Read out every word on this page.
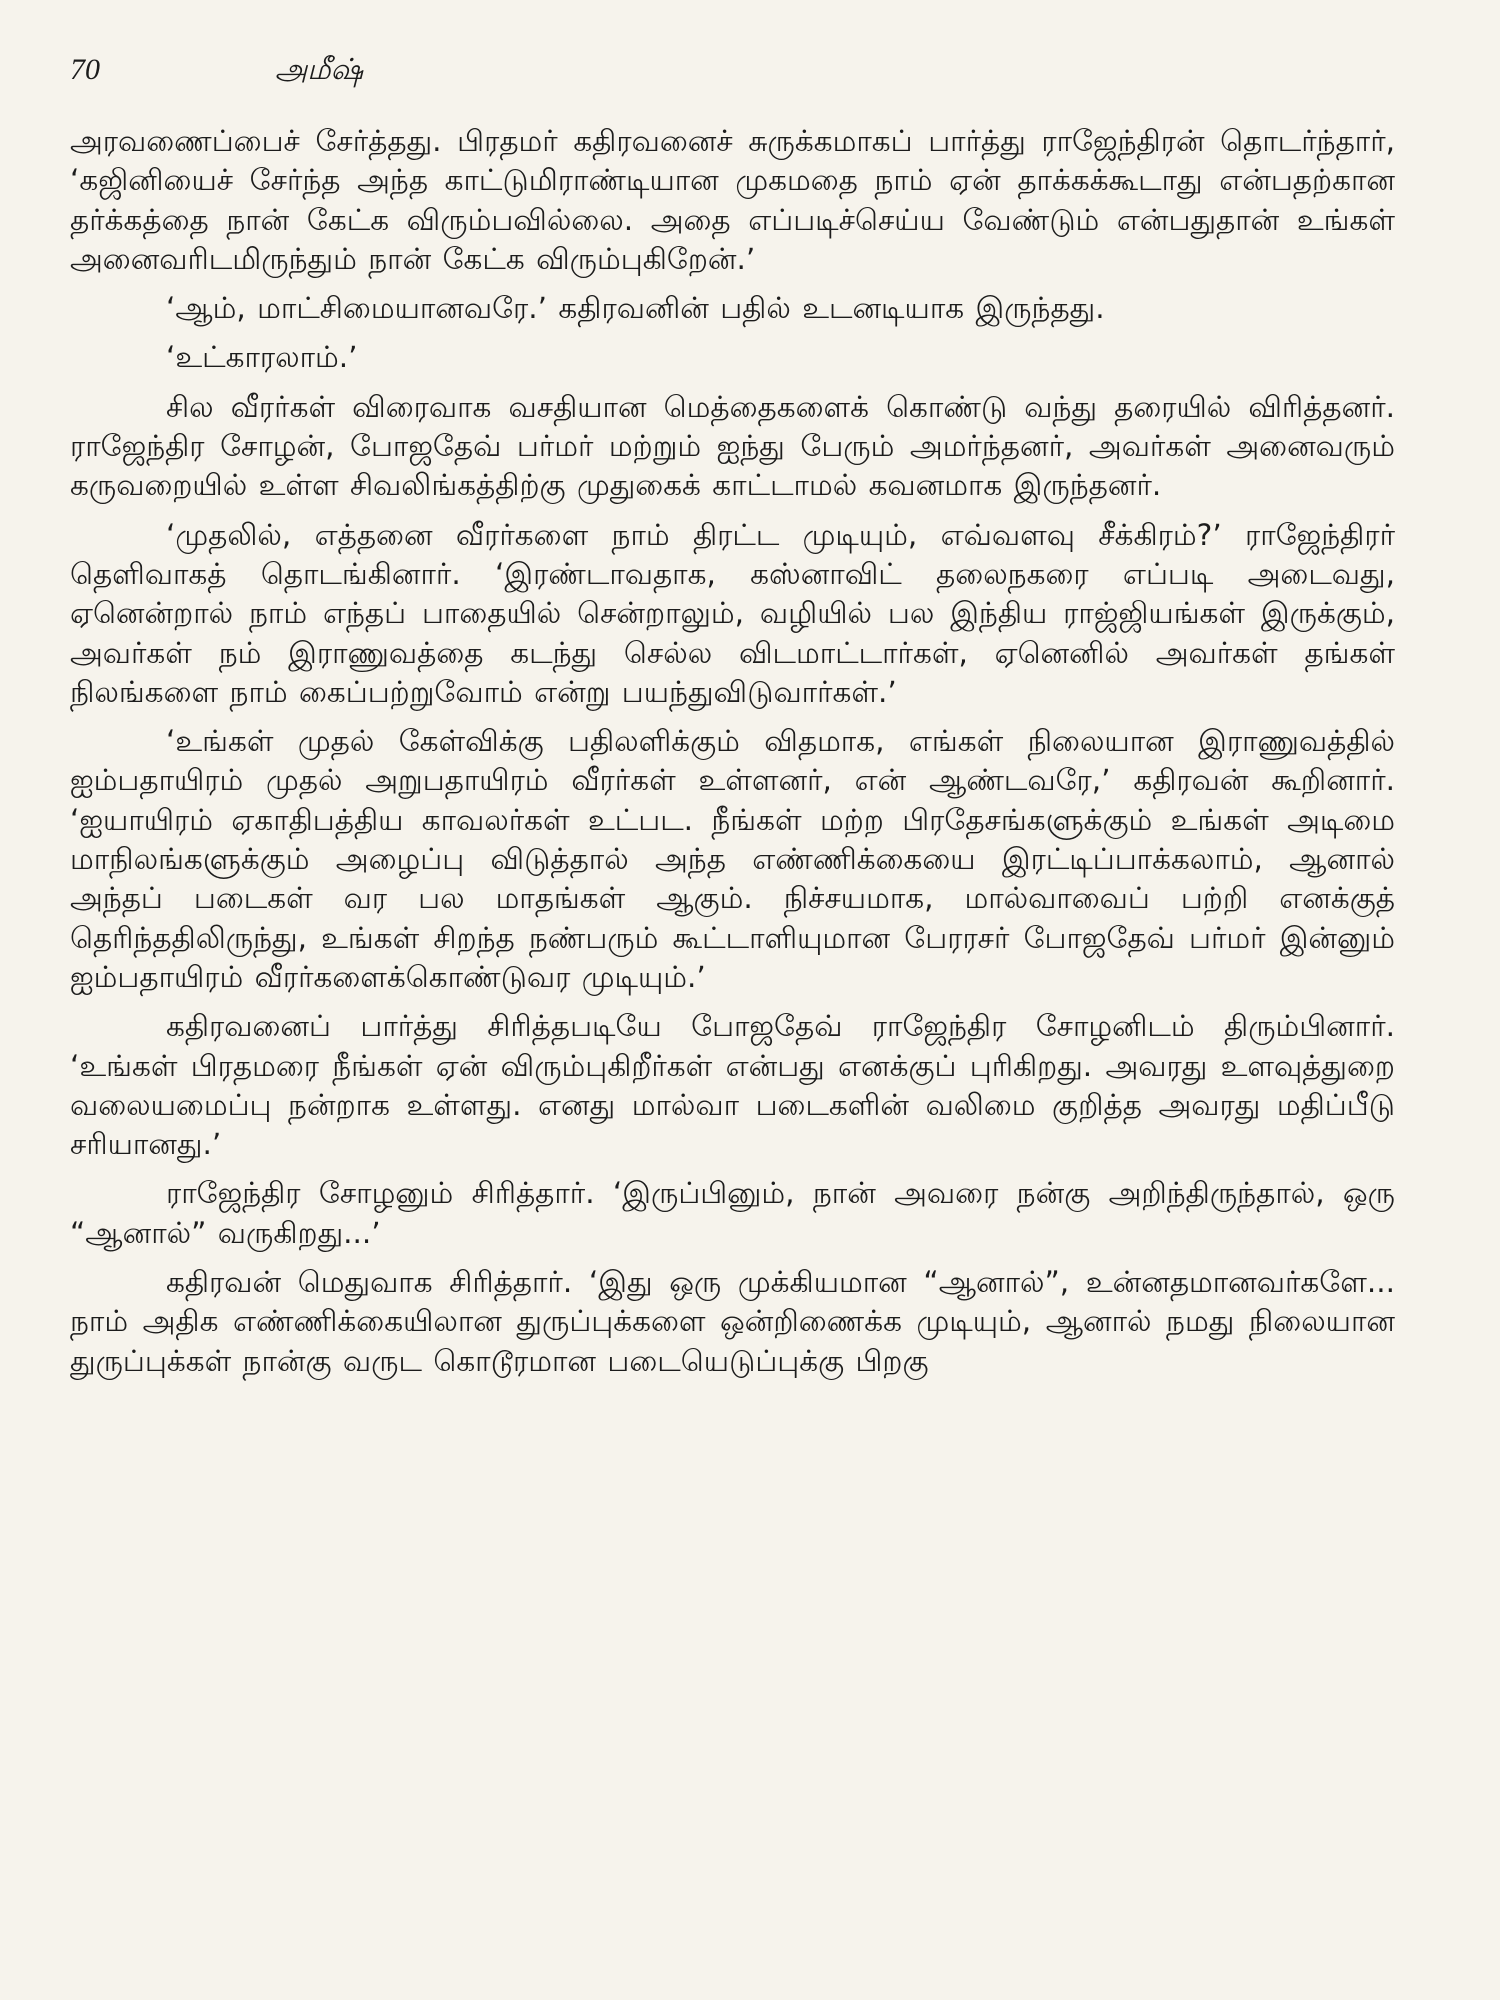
70	அமீஷ்

அரவணைப்பைச் சேர்த்தது. பிரதமர் கதிரவனைச் சுருக்கமாகப் பார்த்து ராஜேந்திரன் தொடர்ந்தார், ‘கஜினியைச் சேர்ந்த அந்த காட்டுமிராண்டியான முகமதை நாம் ஏன் தாக்கக்கூடாது என்பதற்கான தர்க்கத்தை நான் கேட்க விரும்பவில்லை. அதை எப்படிச்செய்ய வேண்டும் என்பதுதான் உங்கள் அனைவரிடமிருந்தும் நான் கேட்க விரும்புகிறேன்.’

‘ஆம், மாட்சிமையானவரே.’ கதிரவனின் பதில் உடனடியாக இருந்தது.

‘உட்காரலாம்.’

சில வீரர்கள் விரைவாக வசதியான மெத்தைகளைக் கொண்டு வந்து தரையில் விரித்தனர். ராஜேந்திர சோழன், போஜதேவ் பர்மர் மற்றும் ஐந்து பேரும் அமர்ந்தனர், அவர்கள் அனைவரும் கருவறையில் உள்ள சிவலிங்கத்திற்கு முதுகைக் காட்டாமல் கவனமாக இருந்தனர்.

‘முதலில், எத்தனை வீரர்களை நாம் திரட்ட முடியும், எவ்வளவு சீக்கிரம்?’ ராஜேந்திரர் தெளிவாகத் தொடங்கினார். ‘இரண்டாவதாக, கஸ்னாவிட் தலைநகரை எப்படி அடைவது, ஏனென்றால் நாம் எந்தப் பாதையில் சென்றாலும், வழியில் பல இந்திய ராஜ்ஜியங்கள் இருக்கும், அவர்கள் நம் இராணுவத்தை கடந்து செல்ல விடமாட்டார்கள், ஏனெனில் அவர்கள் தங்கள் நிலங்களை நாம் கைப்பற்றுவோம் என்று பயந்துவிடுவார்கள்.’

‘உங்கள் முதல் கேள்விக்கு பதிலளிக்கும் விதமாக, எங்கள் நிலையான இராணுவத்தில் ஐம்பதாயிரம் முதல் அறுபதாயிரம் வீரர்கள் உள்ளனர், என் ஆண்டவரே,’ கதிரவன் கூறினார். ‘ஐயாயிரம் ஏகாதிபத்திய காவலர்கள் உட்பட. நீங்கள் மற்ற பிரதேசங்களுக்கும் உங்கள் அடிமை மாநிலங்களுக்கும் அழைப்பு விடுத்தால் அந்த எண்ணிக்கையை இரட்டிப்பாக்கலாம், ஆனால் அந்தப் படைகள் வர பல மாதங்கள் ஆகும். நிச்சயமாக, மால்வாவைப் பற்றி எனக்குத் தெரிந்ததிலிருந்து, உங்கள் சிறந்த நண்பரும் கூட்டாளியுமான பேரரசர் போஜதேவ் பர்மர் இன்னும் ஐம்பதாயிரம் வீரர்களைக்கொண்டுவர முடியும்.’

கதிரவனைப் பார்த்து சிரித்தபடியே போஜதேவ் ராஜேந்திர சோழனிடம் திரும்பினார். ‘உங்கள் பிரதமரை நீங்கள் ஏன் விரும்புகிறீர்கள் என்பது எனக்குப் புரிகிறது. அவரது உளவுத்துறை வலையமைப்பு நன்றாக உள்ளது. எனது மால்வா படைகளின் வலிமை குறித்த அவரது மதிப்பீடு சரியானது.’

ராஜேந்திர சோழனும் சிரித்தார். ‘இருப்பினும், நான் அவரை நன்கு அறிந்திருந்தால், ஒரு “ஆனால்” வருகிறது...’

கதிரவன் மெதுவாக சிரித்தார். ‘இது ஒரு முக்கியமான “ஆனால்”, உன்னதமானவர்களே... நாம் அதிக எண்ணிக்கையிலான துருப்புக்களை ஒன்றிணைக்க முடியும், ஆனால் நமது நிலையான துருப்புக்கள் நான்கு வருட கொடூரமான படையெடுப்புக்கு பிறகு
